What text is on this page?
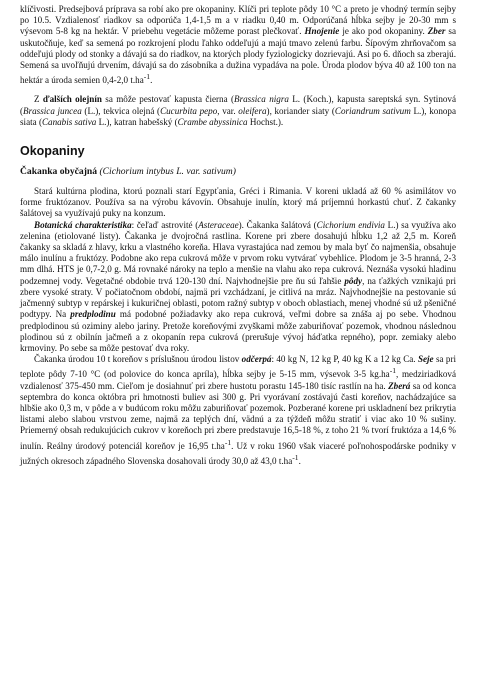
klíčivosti. Predsejbová príprava sa robí ako pre okopaniny. Klíči pri teplote pôdy 10 °C a preto je vhodný termín sejby po 10.5. Vzdialenosť riadkov sa odporúča 1,4-1,5 m a v riadku 0,40 m. Odporúčaná hĺbka sejby je 20-30 mm s výsevom 5-8 kg na hektár. V priebehu vegetácie môžeme porast plečkovať. Hnojenie je ako pod okopaniny. Zber sa uskutočňuje, keď sa semená po rozkrojení plodu ľahko oddeľujú a majú tmavo zelenú farbu. Šípovým zhrňovačom sa oddeľujú plody od stonky a dávajú sa do riadkov, na ktorých plody fyziologicky dozrievajú. Asi po 6. dňoch sa zberajú. Semená sa uvoľňujú drvením, dávajú sa do zásobníka a dužina vypadáva na pole. Úroda plodov býva 40 až 100 ton na hektár a úroda semien 0,4-2,0 $t.ha^{-1}$.

Z ďalších olejnín sa môže pestovať kapusta čierna (Brassica nigra L. (Koch.), kapusta sareptská syn. Sytinová (Brassica juncea (L.), tekvica olejná (Cucurbita pepo, var. oleifera), koriander siaty (Coriandrum sativum L.), konopa siata (Canabis sativa L.), katran habešský (Crambe abyssinica Hochst.).

Okopaniny

Čakanka obyčajná (Cichorium intybus L. var. sativum)

Stará kultúrna plodina, ktorú poznali starí Egypťania, Gréci i Rimania. V koreni ukladá až 60 % asimilátov vo forme fruktózanov. Používa sa na výrobu kávovín. Obsahuje inulín, ktorý má príjemnú horkastú chuť. Z čakanky šalátovej sa využívajú puky na konzum.

Botanická charakteristika: čeľaď astrovité (Asteraceae). Čakanka šalátová (Cichorium endivia L.) sa využíva ako zelenina (etiolované listy). Čakanka je dvojročná rastlina. Korene pri zbere dosahujú hĺbku 1,2 až 2,5 m. Koreň čakanky sa skladá z hlavy, krku a vlastného koreňa. Hlava vyrastajúca nad zemou by mala byť čo najmenšia, obsahuje málo inulínu a fruktózy. Podobne ako repa cukrová môže v prvom roku vytvárať vybehlice. Plodom je 3-5 hranná, 2-3 mm dlhá. HTS je 0,7-2,0 g. Má rovnaké nároky na teplo a menšie na vlahu ako repa cukrová. Neznáša vysokú hladinu podzemnej vody. Vegetačné obdobie trvá 120-130 dní. Najvhodnejšie pre ňu sú ľahšie pôdy, na ťažkých vznikajú pri zbere vysoké straty. V počiatočnom období, najmä pri vzchádzaní, je citlivá na mráz. Najvhodnejšie na pestovanie sú jačmenný subtyp v repárskej i kukuričnej oblasti, potom ražný subtyp v oboch oblastiach, menej vhodné sú už pšeničné podtypy. Na predplodinu má podobné požiadavky ako repa cukrová, veľmi dobre sa znáša aj po sebe. Vhodnou predplodinou sú oziminy alebo jariny. Pretože koreňovými zvyškami môže zaburiňovať pozemok, vhodnou následnou plodinou sú z obilnín jačmeň a z okopanín repa cukrová (prerušuje vývoj háďatka repného), popr. zemiaky alebo krmoviny. Po sebe sa môže pestovať dva roky.

Čakanka úrodou 10 t koreňov s príslušnou úrodou listov odčerpá: 40 kg N, 12 kg P, 40 kg K a 12 kg Ca. Seje sa pri teplote pôdy 7-10 °C (od polovice do konca apríla), hĺbka sejby je 5-15 mm, výsevok 3-5 $kg.ha^{-1}$, medziriadková vzdialenosť 375-450 mm. Cieľom je dosiahnuť pri zbere hustotu porastu 145-180 tisíc rastlín na ha. Zberá sa od konca septembra do konca októbra pri hmotnosti buliev asi 300 g. Pri vyorávaní zostávajú časti koreňov, nachádzajúce sa hlbšie ako 0,3 m, v pôde a v budúcom roku môžu zaburiňovať pozemok. Pozberané korene pri uskladnení bez prikrytia listami alebo slabou vrstvou zeme, najmä za teplých dní, vädnú a za týždeň môžu stratiť i viac ako 10 % sušiny. Priemerný obsah redukujúcich cukrov v koreňoch pri zbere predstavuje 16,5-18 %, z toho 21 % tvorí fruktóza a 14,6 % inulín. Reálny úrodový potenciál koreňov je 16,95 $t.ha^{-1}$. Už v roku 1960 však viaceré poľnohospodárske podniky v južných okresoch západného Slovenska dosahovali úrody 30,0 až 43,0 $t.ha^{-1}$.
